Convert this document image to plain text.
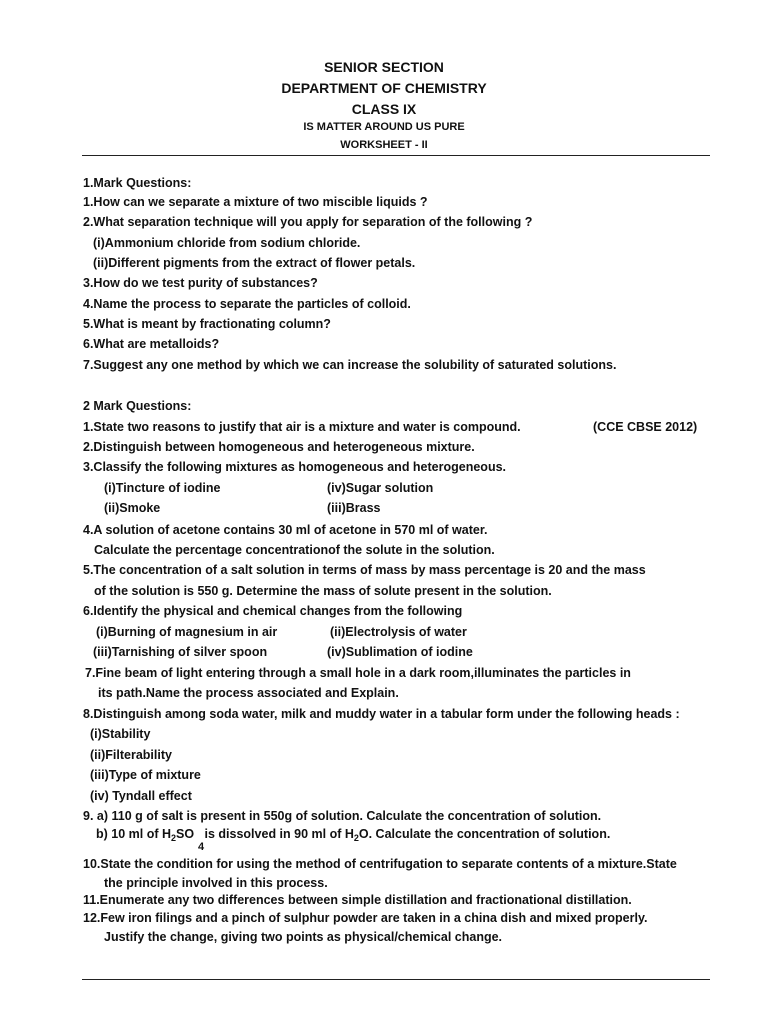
SENIOR SECTION
DEPARTMENT OF CHEMISTRY
CLASS IX
IS MATTER AROUND US PURE
WORKSHEET - II
1.Mark Questions:
1.How can we separate a mixture of two miscible liquids ?
2.What separation technique will you apply for separation of the following ?
(i)Ammonium chloride from sodium chloride.
(ii)Different pigments from the extract of flower petals.
3.How do we test purity of substances?
4.Name the process to separate the particles of colloid.
5.What is meant by fractionating column?
6.What are metalloids?
7.Suggest any one method by which we can increase the solubility of saturated solutions.
2 Mark Questions:
1.State two reasons to justify that air is a mixture and water is compound.	(CCE CBSE 2012)
2.Distinguish between homogeneous and heterogeneous mixture.
3.Classify the following mixtures as homogeneous and heterogeneous.
(i)Tincture of iodine	(iv)Sugar solution
(ii)Smoke	(iii)Brass
4.A solution of acetone contains 30 ml of acetone in 570 ml of water.
Calculate the percentage concentrationof the solute in the solution.
5.The concentration of a salt solution in terms of mass by mass percentage is 20 and the mass
of the solution is 550 g. Determine the mass of solute present in the solution.
6.Identify the physical and chemical changes from the following
(i)Burning of magnesium in air	(ii)Electrolysis of water
(iii)Tarnishing of silver spoon	(iv)Sublimation of iodine
7.Fine beam of light entering through a small hole in a dark room,illuminates the particles in
its path.Name the process associated and Explain.
8.Distinguish among soda water, milk and muddy water in a tabular form under the following heads :
(i)Stability
(ii)Filterability
(iii)Type of mixture
(iv) Tyndall effect
9. a) 110 g of salt is present in 550g of solution. Calculate the concentration of solution.
b) 10 ml of $H_2SO$ is dissolved in 90 ml of $H_2O$. Calculate the concentration of solution.
4
10.State the condition for using the method of centrifugation to separate contents of a mixture.State
the principle involved in this process.
11.Enumerate any two differences between simple distillation and fractionational distillation.
12.Few iron filings and a pinch of sulphur powder are taken in a china dish and mixed properly.
Justify the change, giving two points as physical/chemical change.
